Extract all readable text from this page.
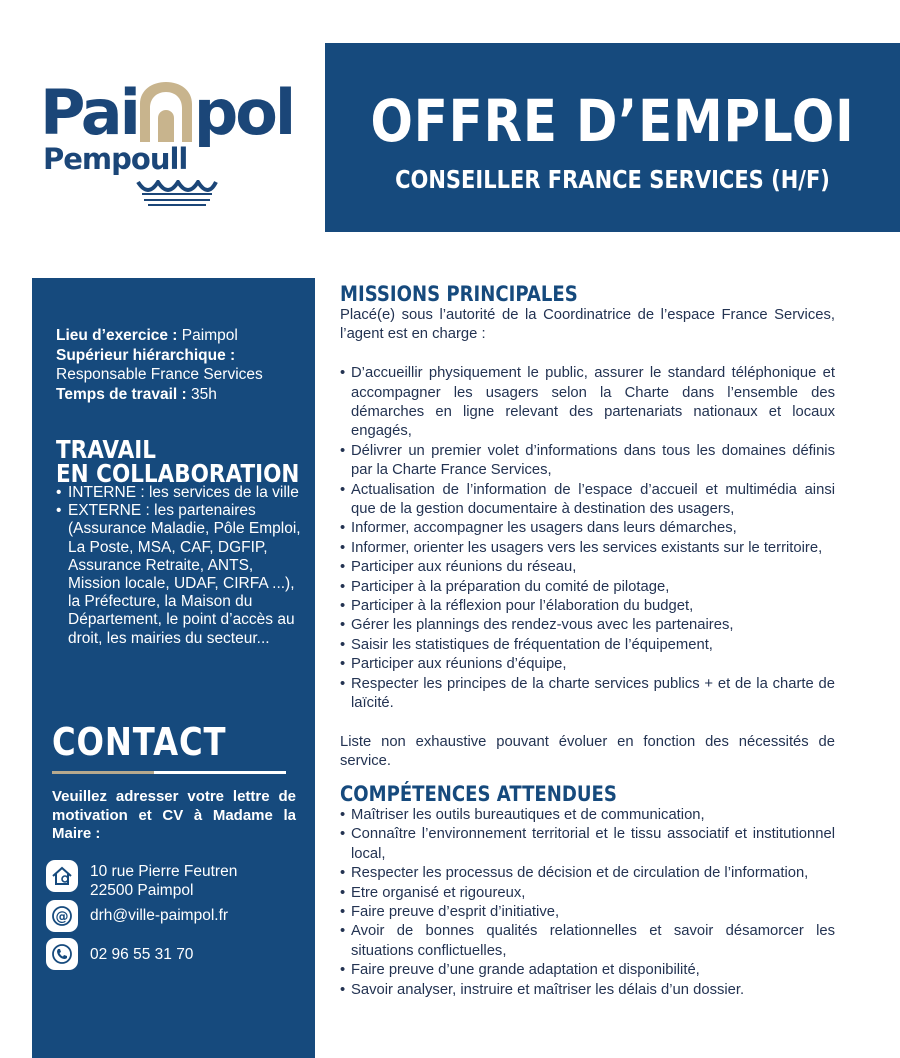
Pai pol
Pempoull
OFFRE D’EMPLOI
CONSEILLER FRANCE SERVICES (H/F)
Lieu d’exercice : Paimpol
Supérieur hiérarchique :
Responsable France Services
Temps de travail : 35h
TRAVAIL
EN COLLABORATION
• INTERNE : les services de la ville
• EXTERNE : les partenaires (Assurance Maladie, Pôle Emploi, La Poste, MSA, CAF, DGFIP, Assurance Retraite, ANTS, Mission locale, UDAF, CIRFA ...), la Préfecture, la Maison du Département, le point d’accès au droit, les mairies du secteur...
CONTACT
Veuillez adresser votre lettre de motivation et CV à Madame la Maire :
10 rue Pierre Feutren
22500 Paimpol
@ drh@ville-paimpol.fr
02 96 55 31 70
MISSIONS PRINCIPALES

Placé(e) sous l’autorité de la Coordinatrice de l’espace France Services, l’agent est en charge :

• D’accueillir physiquement le public, assurer le standard téléphonique et accompagner les usagers selon la Charte dans l’ensemble des démarches en ligne relevant des partenariats nationaux et locaux engagés,
• Délivrer un premier volet d’informations dans tous les domaines définis par la Charte France Services,
• Actualisation de l’information de l’espace d’accueil et multimédia ainsi que de la gestion documentaire à destination des usagers,
• Informer, accompagner les usagers dans leurs démarches,
• Informer, orienter les usagers vers les services existants sur le territoire,
• Participer aux réunions du réseau,
• Participer à la préparation du comité de pilotage,
• Participer à la réflexion pour l’élaboration du budget,
• Gérer les plannings des rendez-vous avec les partenaires,
• Saisir les statistiques de fréquentation de l’équipement,
• Participer aux réunions d’équipe,
• Respecter les principes de la charte services publics + et de la charte de laïcité.

Liste non exhaustive pouvant évoluer en fonction des nécessités de service.

COMPÉTENCES ATTENDUES
• Maîtriser les outils bureautiques et de communication,
• Connaître l’environnement territorial et le tissu associatif et institutionnel local,
• Respecter les processus de décision et de circulation de l’information,
• Etre organisé et rigoureux,
• Faire preuve d’esprit d’initiative,
• Avoir de bonnes qualités relationnelles et savoir désamorcer les situations conflictuelles,
• Faire preuve d’une grande adaptation et disponibilité,
• Savoir analyser, instruire et maîtriser les délais d’un dossier.
